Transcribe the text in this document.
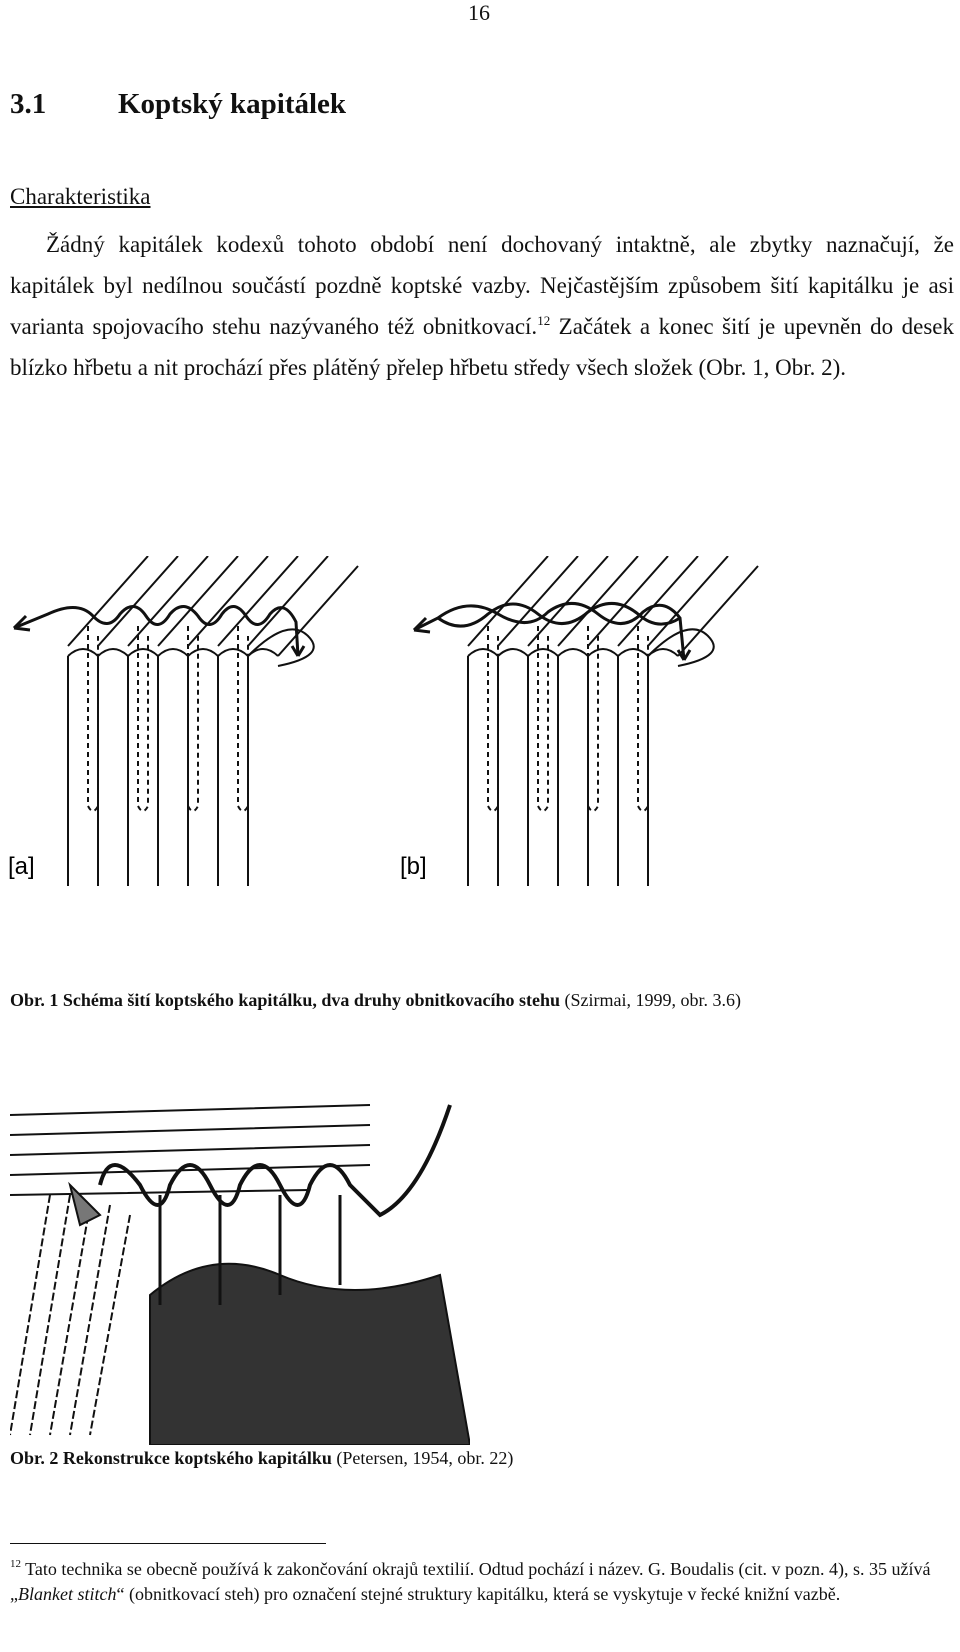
16
3.1	Koptský kapitálek
Charakteristika

Žádný kapitálek kodexů tohoto období není dochovaný intaktně, ale zbytky naznačují, že kapitálek byl nedílnou součástí pozdně koptské vazby. Nejčastějším způsobem šití kapitálku je asi varianta spojovacího stehu nazývaného též obnitkovací.$^{12}$ Začátek a konec šití je upevněn do desek blízko hřbetu a nit prochází přes plátěný přelep hřbetu středy všech složek (Obr. 1, Obr. 2).

[a]	[b]
Obr. 1 Schéma šití koptského kapitálku, dva druhy obnitkovacího stehu (Szirmai, 1999, obr. 3.6)
Obr. 2 Rekonstrukce koptského kapitálku (Petersen, 1954, obr. 22)
$^{12}$ Tato technika se obecně používá k zakončování okrajů textilií. Odtud pochází i název. G. Boudalis (cit. v pozn. 4), s. 35 užívá „Blanket stitch“ (obnitkovací steh) pro označení stejné struktury kapitálku, která se vyskytuje v řecké knižní vazbě.
